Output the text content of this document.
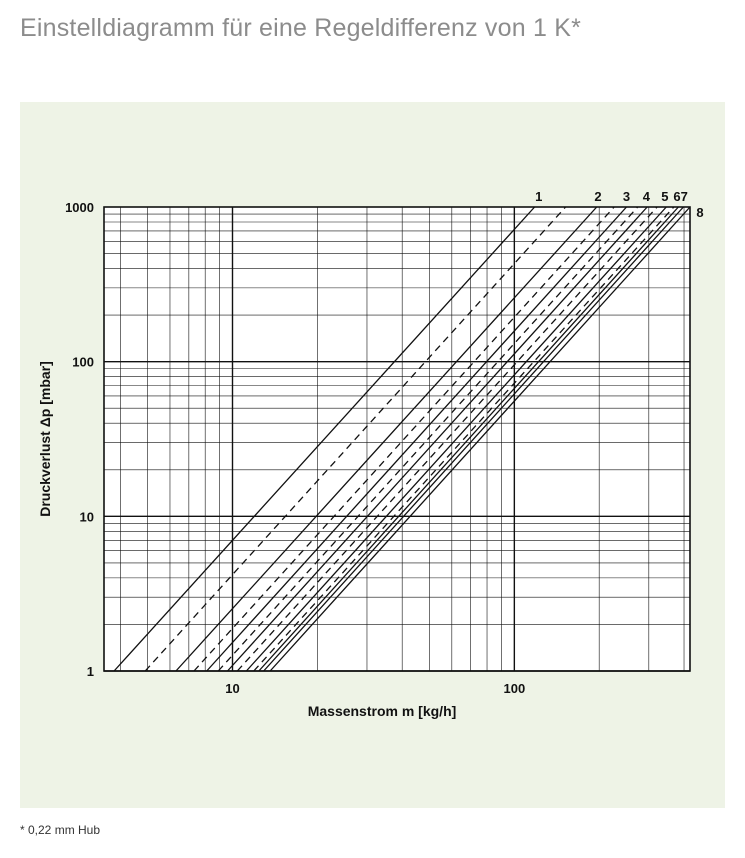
Einstelldiagramm für eine Regeldifferenz von 1 K*
1
10
100
1000
10	100
1	2 3 4 5 67
8
Massenstrom m [kg/h]
Druckverlust Δp [mbar]
* 0,22 mm Hub
